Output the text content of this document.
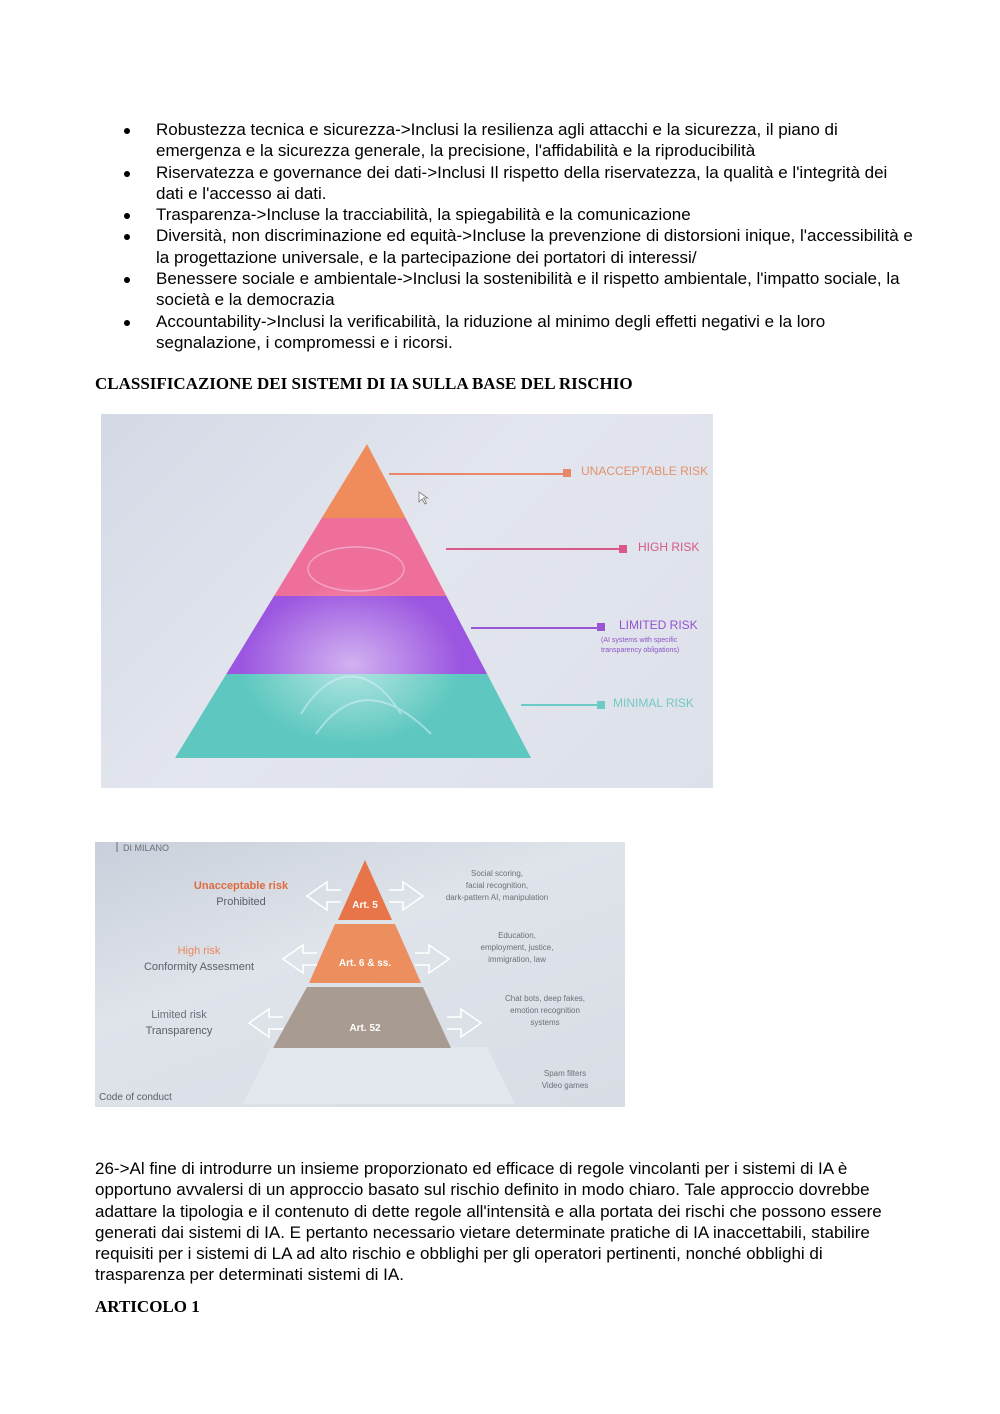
Robustezza tecnica e sicurezza->Inclusi la resilienza agli attacchi e la sicurezza, il piano di emergenza e la sicurezza generale, la precisione, l'affidabilità e la riproducibilità
Riservatezza e governance dei dati->Inclusi Il rispetto della riservatezza, la qualità e l'integrità dei dati e l'accesso ai dati.
Trasparenza->Incluse la tracciabilità, la spiegabilità e la comunicazione
Diversità, non discriminazione ed equità->Incluse la prevenzione di distorsioni inique, l'accessibilità e la progettazione universale, e la partecipazione dei portatori di interessi/
Benessere sociale e ambientale->Inclusi la sostenibilità e il rispetto ambientale, l'impatto sociale, la società e la democrazia
Accountability->Inclusi la verificabilità, la riduzione al minimo degli effetti negativi e la loro segnalazione, i compromessi e i ricorsi.
CLASSIFICAZIONE DEI SISTEMI DI IA SULLA BASE DEL RISCHIO
UNACCEPTABLE RISK
HIGH RISK
LIMITED RISK
(AI systems with specific
transparency obligations)
MINIMAL RISK
DI MILANO
Art. 5
Art. 6 & ss.
Art. 52
Unacceptable risk
Prohibited
High risk
Conformity Assesment
Limited risk
Transparency
Social scoring,
facial recognition,
dark-pattern AI, manipulation
Education,
employment, justice,
immigration, law
Chat bots, deep fakes,
emotion recognition
systems
Code of conduct
Spam filters
Video games

26->Al fine di introdurre un insieme proporzionato ed efficace di regole vincolanti per i sistemi di IA è opportuno avvalersi di un approccio basato sul rischio definito in modo chiaro. Tale approccio dovrebbe adattare la tipologia e il contenuto di dette regole all'intensità e alla portata dei rischi che possono essere generati dai sistemi di IA. E pertanto necessario vietare determinate pratiche di IA inaccettabili, stabilire requisiti per i sistemi di LA ad alto rischio e obblighi per gli operatori pertinenti, nonché obblighi di trasparenza per determinati sistemi di IA.

ARTICOLO 1
